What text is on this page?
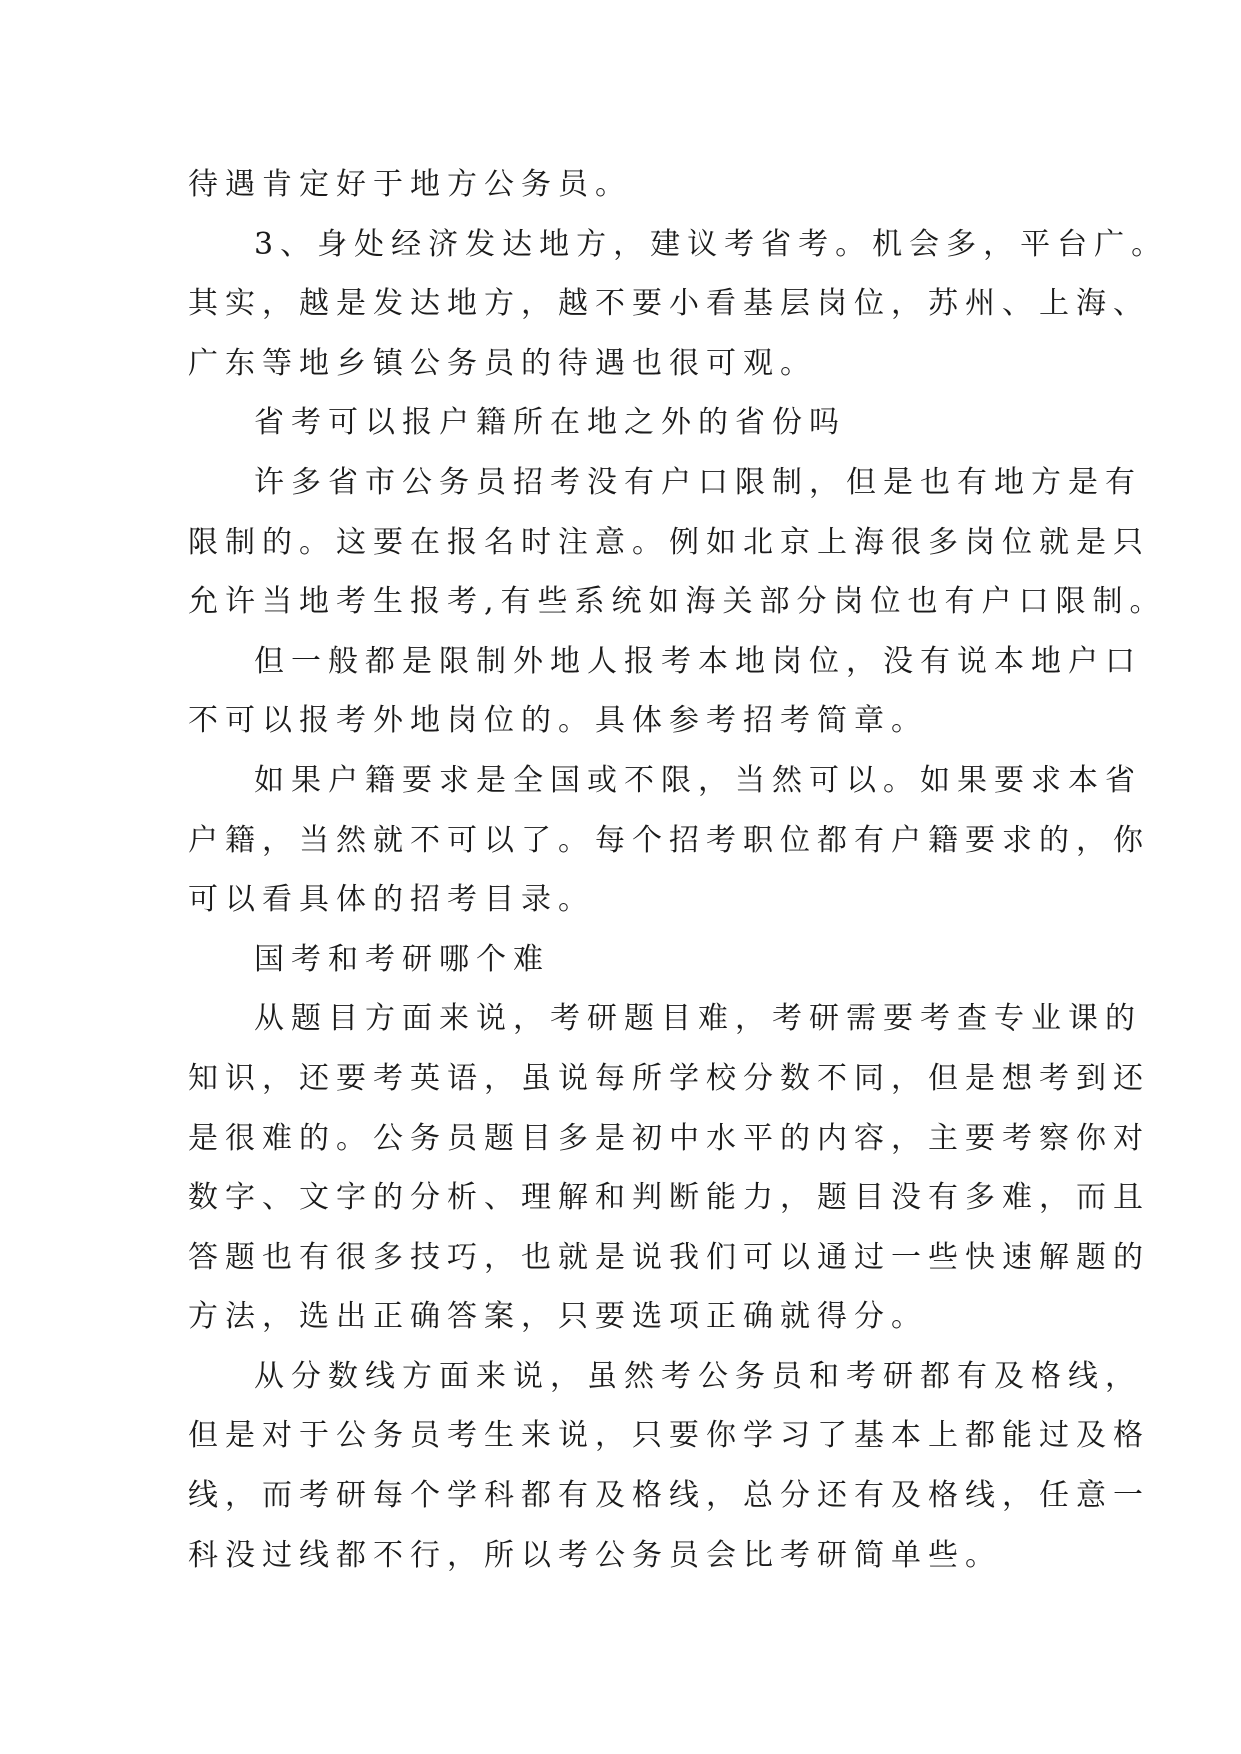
待遇肯定好于地方公务员。
3、身处经济发达地方，建议考省考。机会多，平台广。
其实，越是发达地方，越不要小看基层岗位，苏州、上海、
广东等地乡镇公务员的待遇也很可观。
省考可以报户籍所在地之外的省份吗
许多省市公务员招考没有户口限制，但是也有地方是有
限制的。这要在报名时注意。例如北京上海很多岗位就是只
允许当地考生报考,有些系统如海关部分岗位也有户口限制。
但一般都是限制外地人报考本地岗位，没有说本地户口
不可以报考外地岗位的。具体参考招考简章。
如果户籍要求是全国或不限，当然可以。如果要求本省
户籍，当然就不可以了。每个招考职位都有户籍要求的，你
可以看具体的招考目录。
国考和考研哪个难
从题目方面来说，考研题目难，考研需要考查专业课的
知识，还要考英语，虽说每所学校分数不同，但是想考到还
是很难的。公务员题目多是初中水平的内容，主要考察你对
数字、文字的分析、理解和判断能力，题目没有多难，而且
答题也有很多技巧，也就是说我们可以通过一些快速解题的
方法，选出正确答案，只要选项正确就得分。
从分数线方面来说，虽然考公务员和考研都有及格线，
但是对于公务员考生来说，只要你学习了基本上都能过及格
线，而考研每个学科都有及格线，总分还有及格线，任意一
科没过线都不行，所以考公务员会比考研简单些。
